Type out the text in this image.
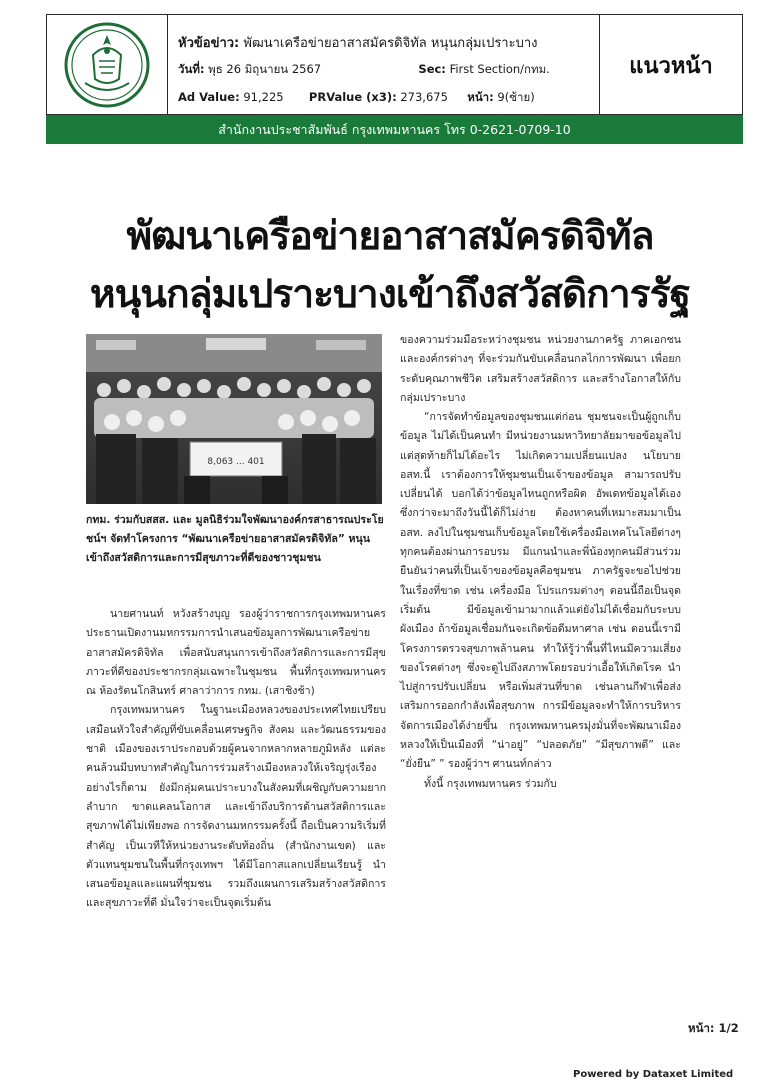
หัวข้อข่าว: พัฒนาเครือข่ายอาสาสมัครดิจิทัล หนุนกลุ่มเปราะบาง
วันที่: พุธ 26 มิถุนายน 2567	Sec: First Section/กทม.
Ad Value: 91,225 PRValue (x3): 273,675 หน้า: 9(ซ้าย)
แนวหน้า
สำนักงานประชาสัมพันธ์ กรุงเทพมหานคร โทร 0-2621-0709-10
พัฒนาเครือข่ายอาสาสมัครดิจิทัล
หนุนกลุ่มเปราะบางเข้าถึงสวัสดิการรัฐ
8,063 ... 401
กทม. ร่วมกับสสส. และ มูลนิธิร่วมใจพัฒนาองค์กรสาธารณประโยชน์ฯ จัดทำโครงการ “พัฒนาเครือข่ายอาสาสมัครดิจิทัล” หนุนเข้าถึงสวัสดิการและการมีสุขภาวะที่ดีของชาวชุมชน

นายศานนท์ หวังสร้างบุญ รองผู้ว่าราชการกรุงเทพมหานคร ประธานเปิดงานมหกรรมการนำเสนอข้อมูลการพัฒนาเครือข่ายอาสาสมัครดิจิทัล เพื่อสนับสนุนการเข้าถึงสวัสดิการและการมีสุขภาวะที่ดีของประชากรกลุ่มเฉพาะในชุมชน พื้นที่กรุงเทพมหานคร ณ ห้องรัตนโกสินทร์ ศาลาว่าการ กทม. (เสาชิงช้า)

กรุงเทพมหานคร ในฐานะเมืองหลวงของประเทศไทยเปรียบเสมือนหัวใจสำคัญที่ขับเคลื่อนเศรษฐกิจ สังคม และวัฒนธรรมของชาติ เมืองของเราประกอบด้วยผู้คนจากหลากหลายภูมิหลัง แต่ละคนล้วนมีบทบาทสำคัญในการร่วมสร้างเมืองหลวงให้เจริญรุ่งเรือง อย่างไรก็ตาม ยังมีกลุ่มคนเปราะบางในสังคมที่เผชิญกับความยากลำบาก ขาดแคลนโอกาส และเข้าถึงบริการด้านสวัสดิการและสุขภาพได้ไม่เพียงพอ การจัดงานมหกรรมครั้งนี้ ถือเป็นความริเริ่มที่สำคัญ เป็นเวทีให้หน่วยงานระดับท้องถิ่น (สำนักงานเขต) และตัวแทนชุมชนในพื้นที่กรุงเทพฯ ได้มีโอกาสแลกเปลี่ยนเรียนรู้ นำเสนอข้อมูลและแผนที่ชุมชน รวมถึงแผนการเสริมสร้างสวัสดิการและสุขภาวะที่ดี มั่นใจว่าจะเป็นจุดเริ่มต้น

ของความร่วมมือระหว่างชุมชน หน่วยงานภาครัฐ ภาคเอกชน และองค์กรต่างๆ ที่จะร่วมกันขับเคลื่อนกลไกการพัฒนา เพื่อยกระดับคุณภาพชีวิต เสริมสร้างสวัสดิการ และสร้างโอกาสให้กับกลุ่มเปราะบาง

“การจัดทำข้อมูลของชุมชนแต่ก่อน ชุมชนจะเป็นผู้ถูกเก็บข้อมูล ไม่ได้เป็นคนทำ มีหน่วยงานมหาวิทยาลัยมาขอข้อมูลไปแต่สุดท้ายก็ไม่ได้อะไร ไม่เกิดความเปลี่ยนแปลง นโยบาย อสท.นี้ เราต้องการให้ชุมชนเป็นเจ้าของข้อมูล สามารถปรับเปลี่ยนได้ บอกได้ว่าข้อมูลไหนถูกหรือผิด อัพเดทข้อมูลได้เอง ซึ่งกว่าจะมาถึงวันนี้ได้ก็ไม่ง่าย ต้องหาคนที่เหมาะสมมาเป็น อสท. ลงไปในชุมชนเก็บข้อมูลโดยใช้เครื่องมือเทคโนโลยีต่างๆ ทุกคนต้องผ่านการอบรม มีแกนนำและพี่น้องทุกคนมีส่วนร่วม ยืนยันว่าคนที่เป็นเจ้าของข้อมูลคือชุมชน ภาครัฐจะขอไปช่วยในเรื่องที่ขาด เช่น เครื่องมือ โปรแกรมต่างๆ ตอนนี้ถือเป็นจุดเริ่มต้น มีข้อมูลเข้ามามากแล้วแต่ยังไม่ได้เชื่อมกับระบบผังเมือง ถ้าข้อมูลเชื่อมกันจะเกิดข้อดีมหาศาล เช่น ตอนนี้เรามีโครงการตรวจสุขภาพล้านคน ทำให้รู้ว่าพื้นที่ไหนมีความเสี่ยงของโรคต่างๆ ซึ่งจะดูไปถึงสภาพโดยรอบว่าเอื้อให้เกิดโรค นำไปสู่การปรับเปลี่ยน หรือเพิ่มส่วนที่ขาด เช่นลานกีฬาเพื่อส่งเสริมการออกกำลังเพื่อสุขภาพ การมีข้อมูลจะทำให้การบริหารจัดการเมืองได้ง่ายขึ้น กรุงเทพมหานครมุ่งมั่นที่จะพัฒนาเมืองหลวงให้เป็นเมืองที่ “น่าอยู่” “ปลอดภัย” “มีสุขภาพดี” และ “ยั่งยืน” ” รองผู้ว่าฯ ศานนท์กล่าว

ทั้งนี้ กรุงเทพมหานคร ร่วมกับ

หน้า: 1/2
Powered by Dataxet Limited
